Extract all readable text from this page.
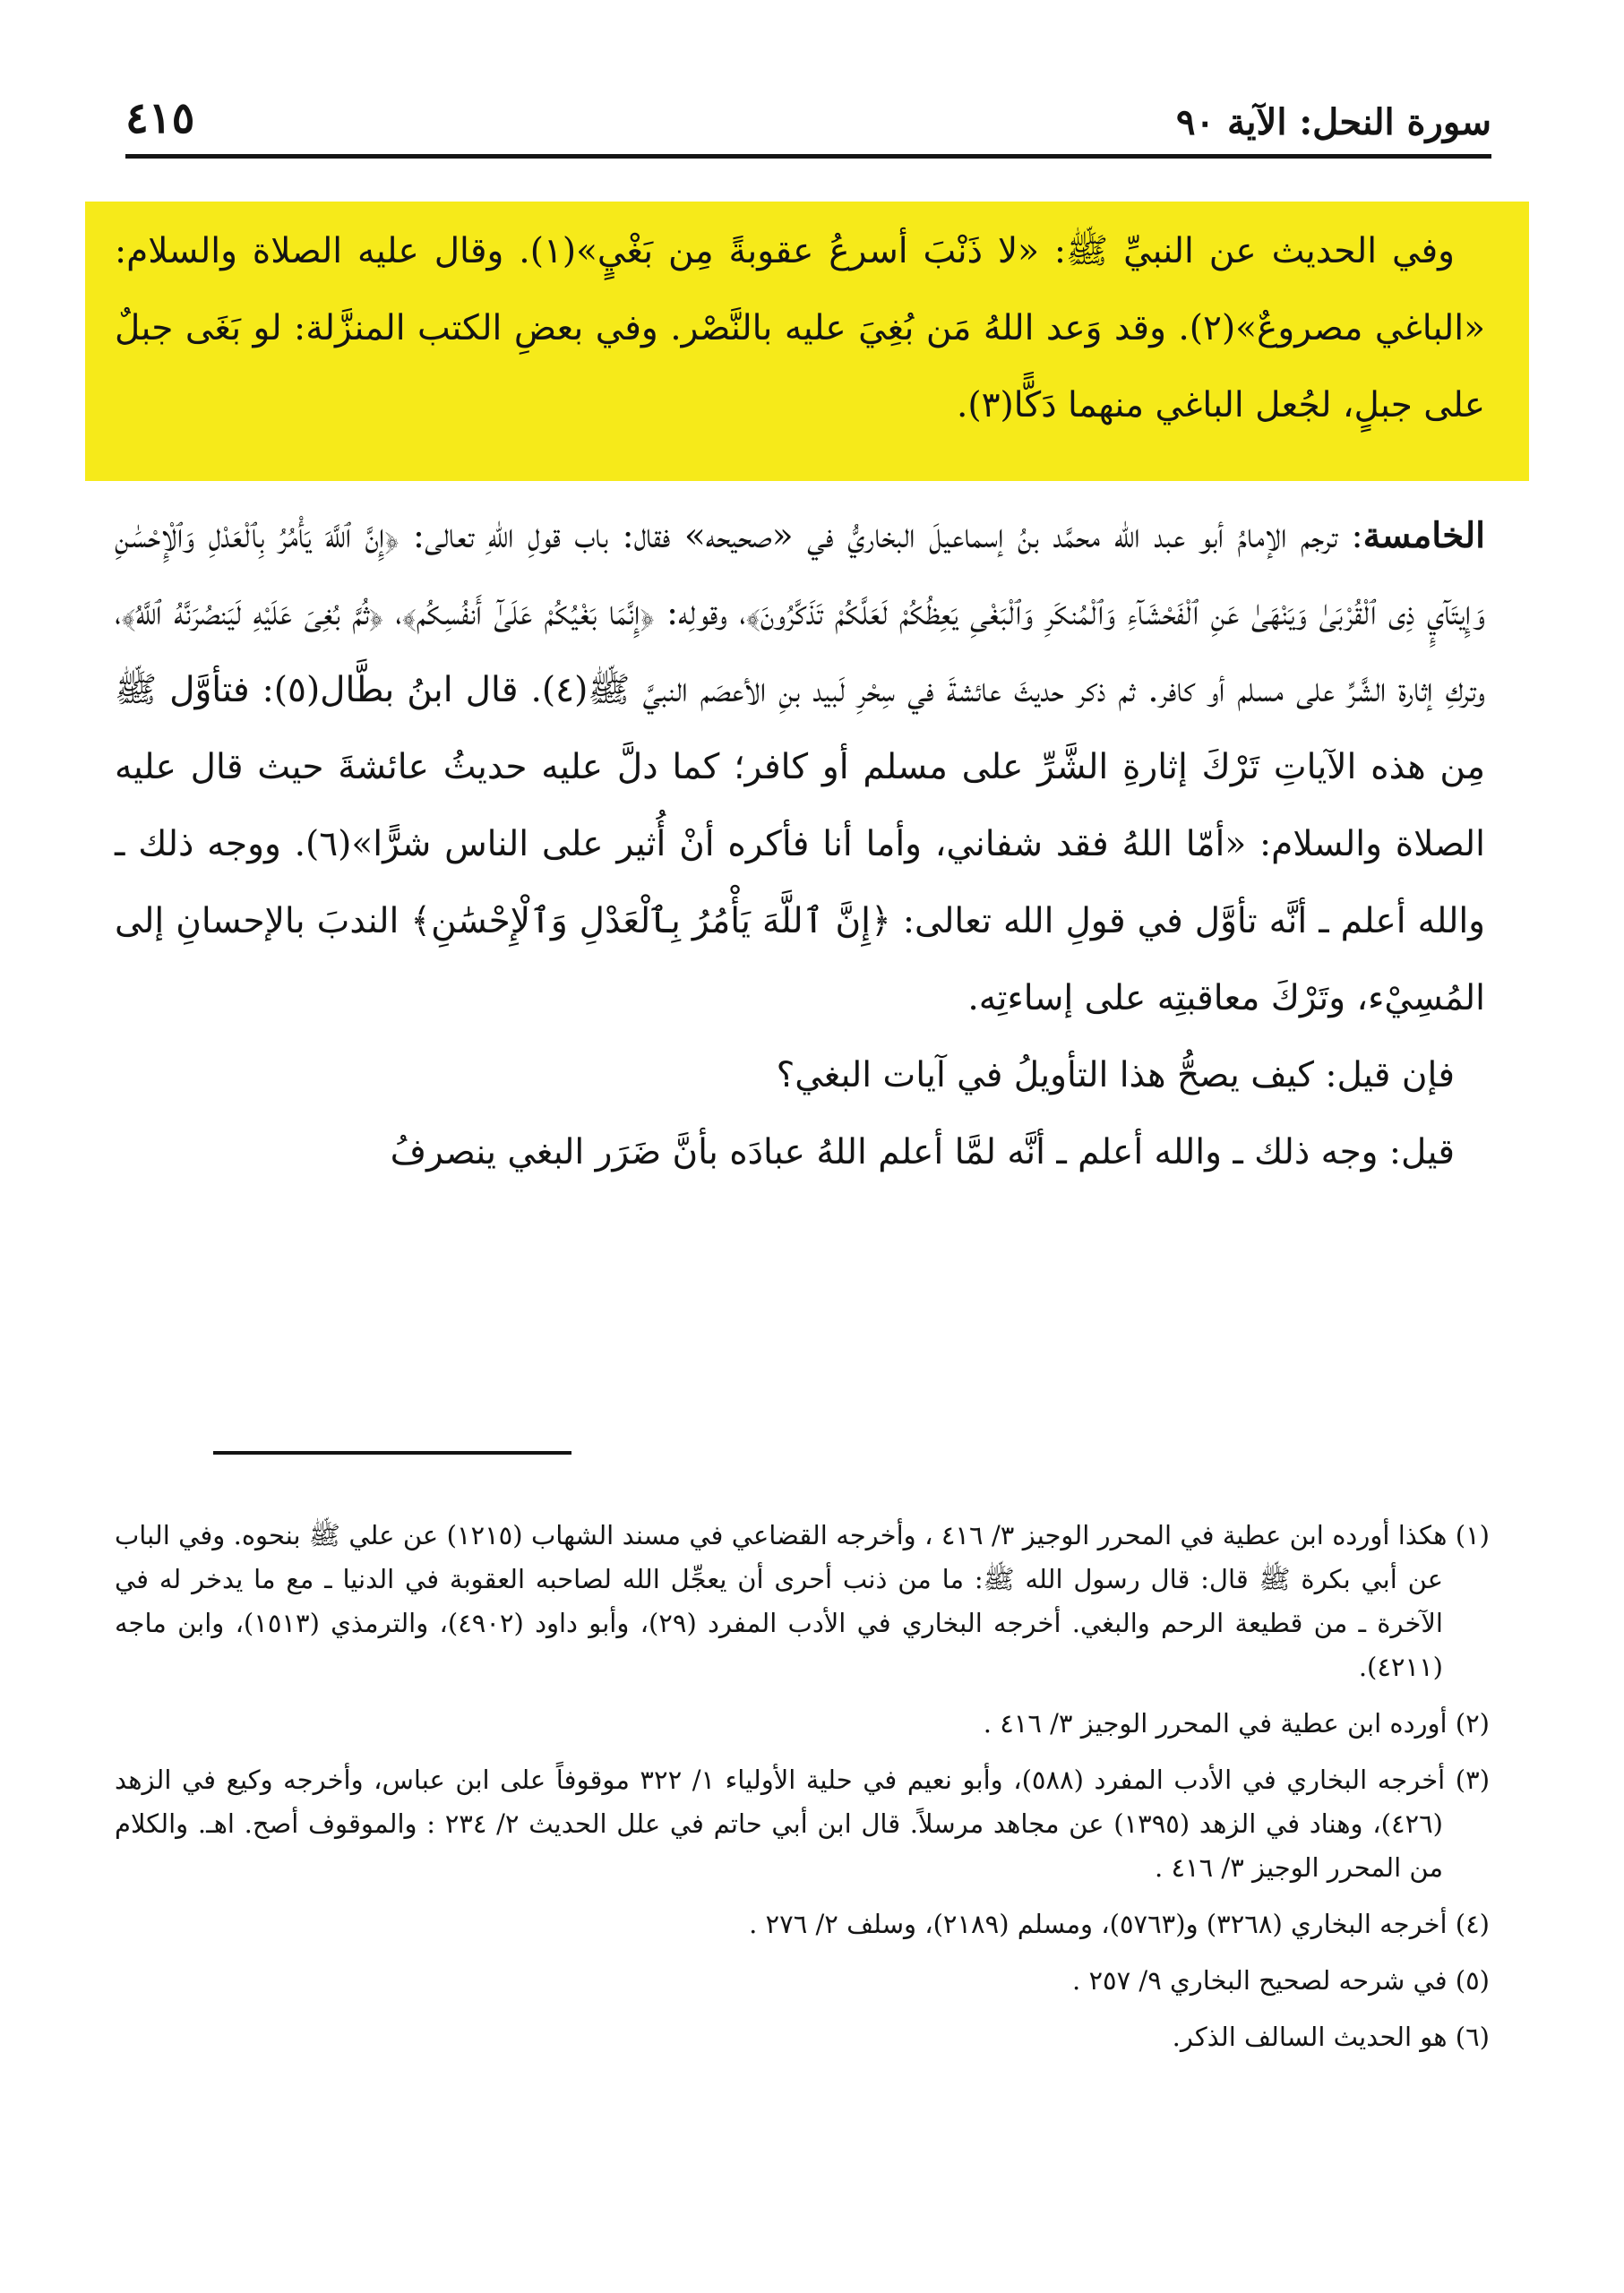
سورة النحل: الآية ٩٠
٤١٥

وفي الحديث عن النبيِّ ﷺ: «لا ذَنْبَ أسرعُ عقوبةً مِن بَغْيٍ»(١). وقال عليه الصلاة والسلام: «الباغي مصروعٌ»(٢). وقد وَعد اللهُ مَن بُغِيَ عليه بالنَّصْر. وفي بعضِ الكتب المنزَّلة: لو بَغَى جبلٌ على جبلٍ، لجُعل الباغي منهما دَكًّا(٣).

الخامسة: ترجم الإمامُ أبو عبد الله محمَّد بنُ إسماعيلَ البخاريُّ في «صحيحه» فقال: باب قولِ اللهِ تعالى: ﴿إِنَّ ٱللَّهَ يَأْمُرُ بِٱلْعَدْلِ وَٱلْإِحْسَٰنِ وَإِيتَآيِٕ ذِى ٱلْقُرْبَىٰ وَيَنْهَىٰ عَنِ ٱلْفَحْشَآءِ وَٱلْمُنكَرِ وَٱلْبَغْىِ يَعِظُكُمْ لَعَلَّكُمْ تَذَكَّرُونَ﴾، وقولِه: ﴿إِنَّمَا بَغْيُكُمْ عَلَىٰٓ أَنفُسِكُم﴾، ﴿ثُمَّ بُغِىَ عَلَيْهِ لَيَنصُرَنَّهُ ٱللَّهُ﴾، وتركِ إثارة الشَّرِّ على مسلم أو كافر. ثم ذكر حديثَ عائشةَ في سِحْرِ لَبيد بنِ الأعصَم النبيَّ ﷺ(٤). قال ابنُ بطَّال(٥): فتأوَّل ﷺ مِن هذه الآياتِ تَرْكَ إثارةِ الشَّرِّ على مسلم أو كافر؛ كما دلَّ عليه حديثُ عائشةَ حيث قال عليه الصلاة والسلام: «أمّا اللهُ فقد شفاني، وأما أنا فأكره أنْ أُثير على الناس شرًّا»(٦). ووجه ذلك ـ والله أعلم ـ أنَّه تأوَّل في قولِ الله تعالى: ﴿إِنَّ ٱللَّهَ يَأْمُرُ بِٱلْعَدْلِ وَٱلْإِحْسَٰنِ﴾ الندبَ بالإحسانِ إلى المُسِيْء، وتَرْكَ معاقبتِه على إساءتِه.

فإن قيل: كيف يصحُّ هذا التأويلُ في آيات البغي؟

قيل: وجه ذلك ـ والله أعلم ـ أنَّه لمَّا أعلم اللهُ عبادَه بأنَّ ضَرَر البغي ينصرفُ

(١) هكذا أورده ابن عطية في المحرر الوجيز ٣/ ٤١٦ ، وأخرجه القضاعي في مسند الشهاب (١٢١٥) عن علي ﷺ بنحوه. وفي الباب عن أبي بكرة ﷺ قال: قال رسول الله ﷺ: ما من ذنب أحرى أن يعجِّل الله لصاحبه العقوبة في الدنيا ـ مع ما يدخر له في الآخرة ـ من قطيعة الرحم والبغي. أخرجه البخاري في الأدب المفرد (٢٩)، وأبو داود (٤٩٠٢)، والترمذي (١٥١٣)، وابن ماجه (٤٢١١).

(٢) أورده ابن عطية في المحرر الوجيز ٣/ ٤١٦ .

(٣) أخرجه البخاري في الأدب المفرد (٥٨٨)، وأبو نعيم في حلية الأولياء ١/ ٣٢٢ موقوفاً على ابن عباس، وأخرجه وكيع في الزهد (٤٢٦)، وهناد في الزهد (١٣٩٥) عن مجاهد مرسلاً. قال ابن أبي حاتم في علل الحديث ٢/ ٢٣٤ : والموقوف أصح. اهـ. والكلام من المحرر الوجيز ٣/ ٤١٦ .

(٤) أخرجه البخاري (٣٢٦٨) و(٥٧٦٣)، ومسلم (٢١٨٩)، وسلف ٢/ ٢٧٦ .

(٥) في شرحه لصحيح البخاري ٩/ ٢٥٧ .

(٦) هو الحديث السالف الذكر.
